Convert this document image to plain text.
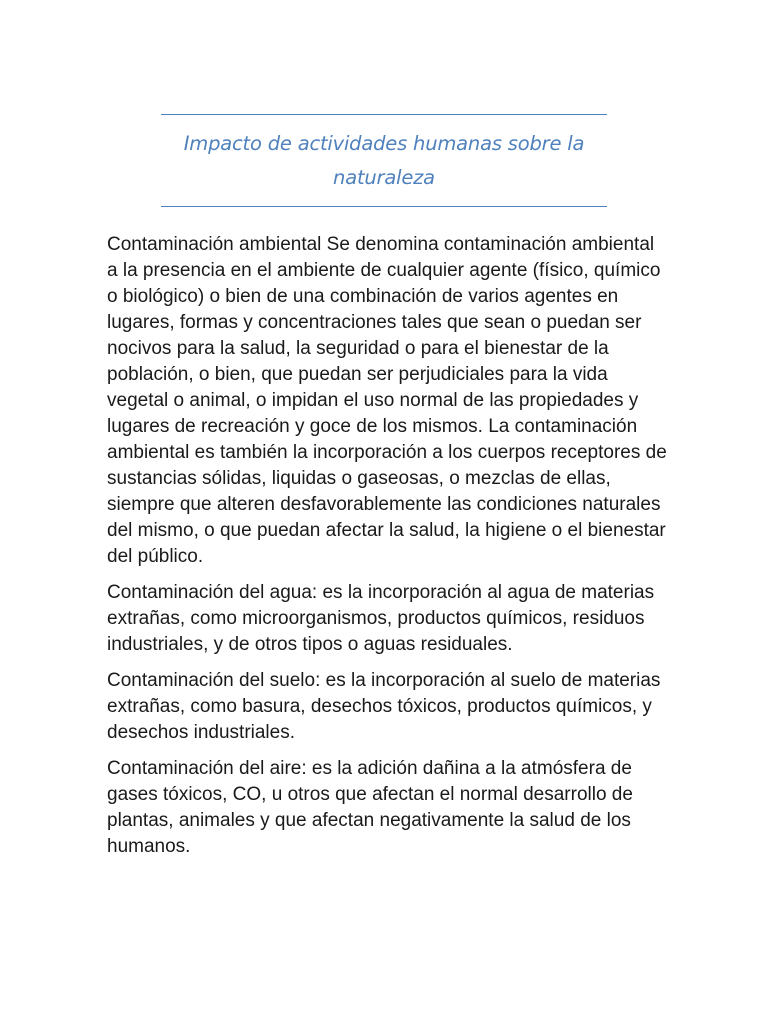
Impacto de actividades humanas sobre la naturaleza

Contaminación ambiental Se denomina contaminación ambiental a la presencia en el ambiente de cualquier agente (físico, químico o biológico) o bien de una combinación de varios agentes en lugares, formas y concentraciones tales que sean o puedan ser nocivos para la salud, la seguridad o para el bienestar de la población, o bien, que puedan ser perjudiciales para la vida vegetal o animal, o impidan el uso normal de las propiedades y lugares de recreación y goce de los mismos. La contaminación ambiental es también la incorporación a los cuerpos receptores de sustancias sólidas, liquidas o gaseosas, o mezclas de ellas, siempre que alteren desfavorablemente las condiciones naturales del mismo, o que puedan afectar la salud, la higiene o el bienestar del público.

Contaminación del agua: es la incorporación al agua de materias extrañas, como microorganismos, productos químicos, residuos industriales, y de otros tipos o aguas residuales.

Contaminación del suelo: es la incorporación al suelo de materias extrañas, como basura, desechos tóxicos, productos químicos, y desechos industriales.

Contaminación del aire: es la adición dañina a la atmósfera de gases tóxicos, CO, u otros que afectan el normal desarrollo de plantas, animales y que afectan negativamente la salud de los humanos.
